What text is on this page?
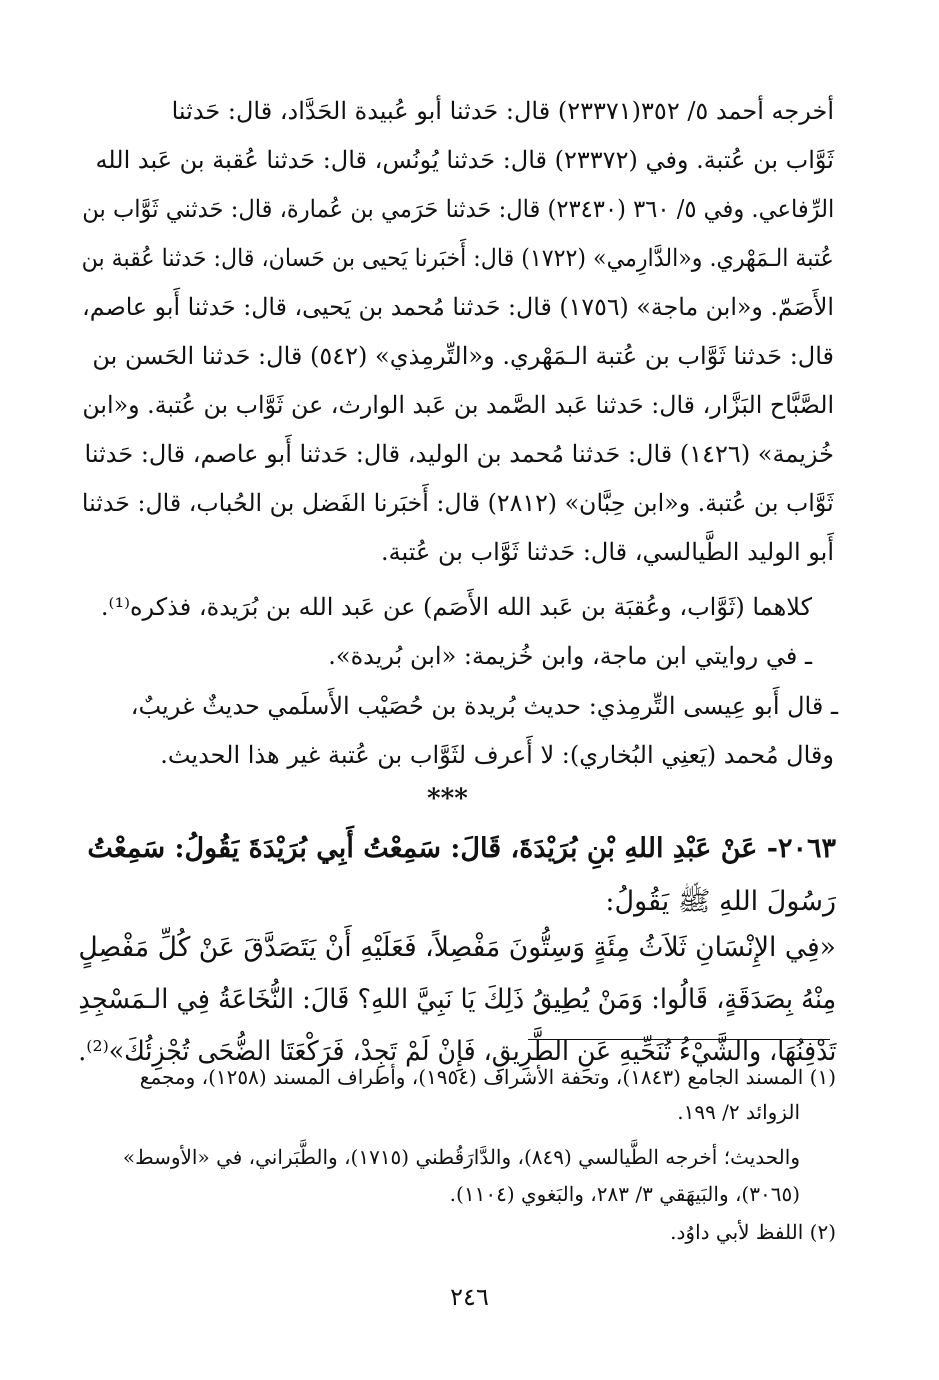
أخرجه أحمد ٥/ ٣٥٢(٢٣٣٧١) قال: حَدثنا أبو عُبيدة الحَدَّاد، قال: حَدثنا
ثَوَّاب بن عُتبة. وفي (٢٣٣٧٢) قال: حَدثنا يُونُس، قال: حَدثنا عُقبة بن عَبد الله
الرِّفاعي. وفي ٥/ ٣٦٠ (٢٣٤٣٠) قال: حَدثنا حَرَمي بن عُمارة، قال: حَدثني ثَوَّاب بن
عُتبة الـمَهْري. و«الدَّارِمي» (١٧٢٢) قال: أَخبَرنا يَحيى بن حَسان، قال: حَدثنا عُقبة بن
الأَصَمّ. و«ابن ماجة» (١٧٥٦) قال: حَدثنا مُحمد بن يَحيى، قال: حَدثنا أَبو عاصم،
قال: حَدثنا ثَوَّاب بن عُتبة الـمَهْري. و«التِّرمِذي» (٥٤٢) قال: حَدثنا الحَسن بن
الصَّبَّاح البَزَّار، قال: حَدثنا عَبد الصَّمد بن عَبد الوارث، عن ثَوَّاب بن عُتبة. و«ابن
خُزيمة» (١٤٢٦) قال: حَدثنا مُحمد بن الوليد، قال: حَدثنا أَبو عاصم، قال: حَدثنا
ثَوَّاب بن عُتبة. و«ابن حِبَّان» (٢٨١٢) قال: أَخبَرنا الفَضل بن الحُباب، قال: حَدثنا
أَبو الوليد الطَّيالسي، قال: حَدثنا ثَوَّاب بن عُتبة.
كلاهما (ثَوَّاب، وعُقبَة بن عَبد الله الأَصَم) عن عَبد الله بن بُرَيدة، فذكره⁽¹⁾.
ـ في روايتي ابن ماجة، وابن خُزيمة: «ابن بُريدة».
ـ قال أَبو عِيسى التِّرمِذي: حديث بُريدة بن حُصَيْب الأَسلَمي حديثٌ غريبٌ،
وقال مُحمد (يَعنِي البُخاري): لا أَعرف لثَوَّاب بن عُتبة غير هذا الحديث.
***
٢٠٦٣- عَنْ عَبْدِ اللهِ بْنِ بُرَيْدَةَ، قَالَ: سَمِعْتُ أَبِي بُرَيْدَةَ يَقُولُ: سَمِعْتُ
رَسُولَ اللهِ ﷺ يَقُولُ:
«فِي الإِنْسَانِ ثَلاَثُ مِئَةٍ وَسِتُّونَ مَفْصِلاً، فَعَلَيْهِ أَنْ يَتَصَدَّقَ عَنْ كُلِّ مَفْصِلٍ
مِنْهُ بِصَدَقَةٍ، قَالُوا: وَمَنْ يُطِيقُ ذَلِكَ يَا نَبِيَّ اللهِ؟ قَالَ: النُّخَاعَةُ فِي الـمَسْجِدِ
تَدْفِنُهَا، والشَّيْءُ تُنَحِّيهِ عَنِ الطَّرِيقِ، فَإِنْ لَمْ تَجِدْ، فَرَكْعَتَا الضُّحَى تُجْزِئُكَ»⁽²⁾.
(١) المسند الجامع (١٨٤٣)، وتحفة الأشراف (١٩٥٤)، وأطراف المسند (١٢٥٨)، ومجمع
الزوائد ٢/ ١٩٩.
والحديث؛ أخرجه الطَّيالسي (٨٤٩)، والدَّارَقُطني (١٧١٥)، والطَّبَراني، في «الأوسط»
(٣٠٦٥)، والبَيهَقي ٣/ ٢٨٣، والبَغوي (١١٠٤).
(٢) اللفظ لأبي داوُد.
٢٤٦
